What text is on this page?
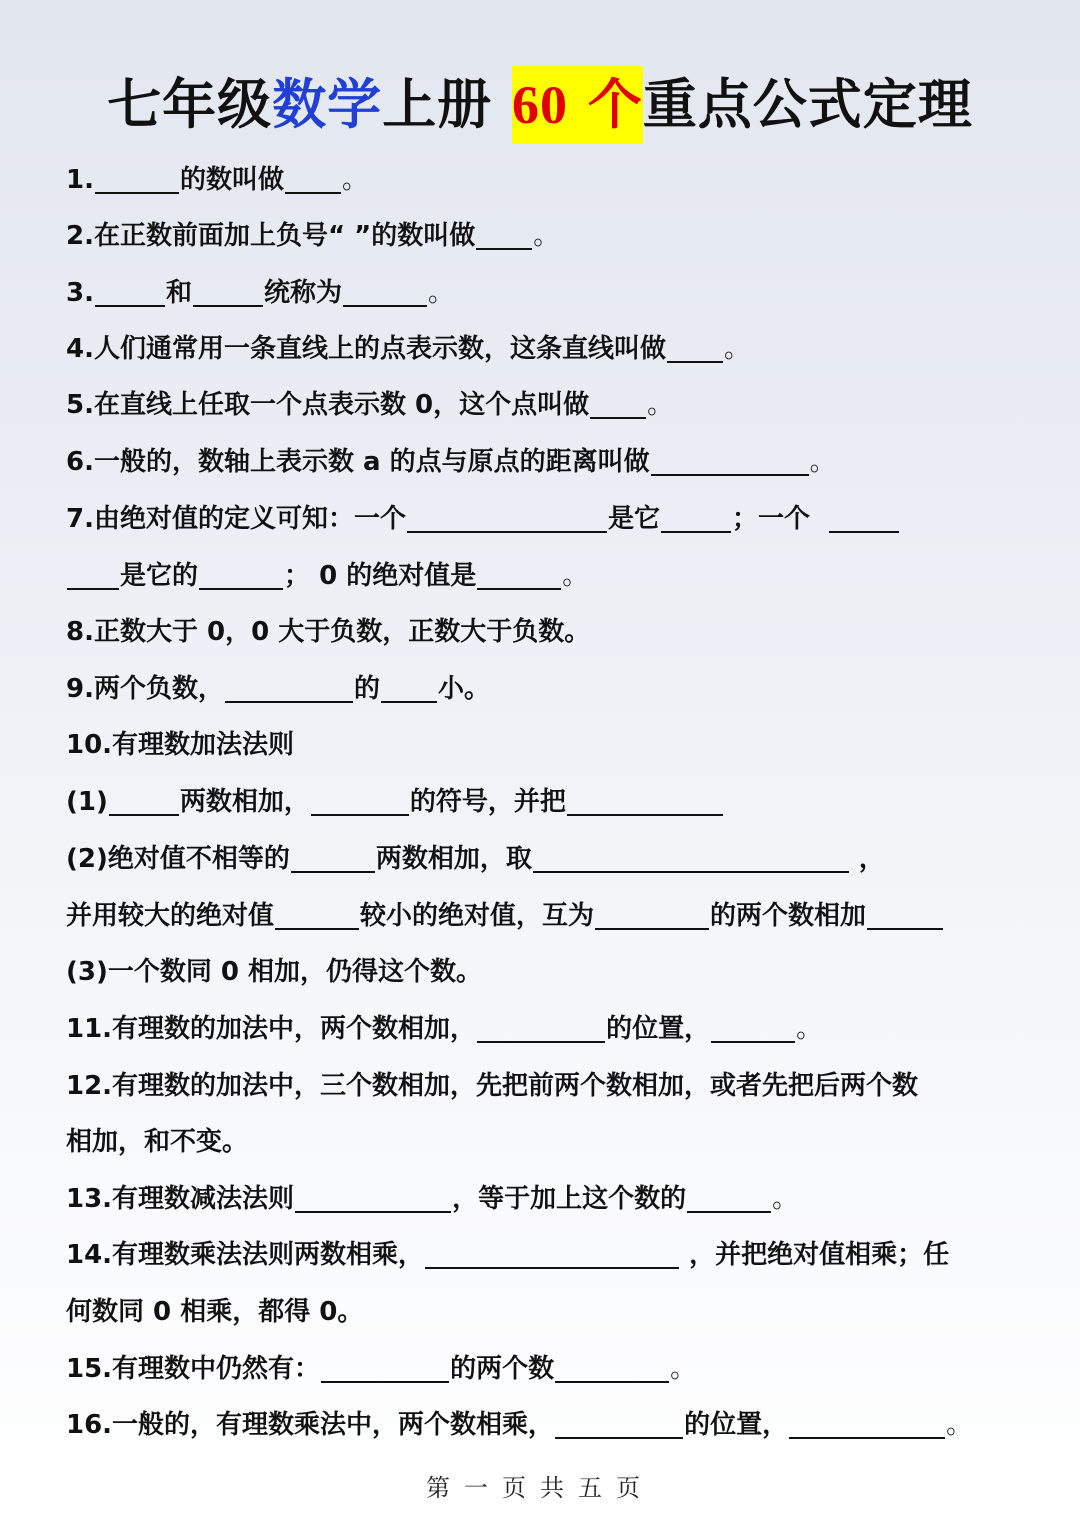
七年级数学上册 60 个重点公式定理
1.	的数叫做 。
2.在正数前面加上负号“ ”的数叫做 。
3.	和	统称为	。
4.人们通常用一条直线上的点表示数，这条直线叫做 。
5.在直线上任取一个点表示数 0，这个点叫做 。
6.一般的，数轴上表示数 a 的点与原点的距离叫做	。
7.由绝对值的定义可知：一个	是它	；一个
是它的	； 0 的绝对值是	。
8.正数大于 0，0 大于负数，正数大于负数。
9.两个负数，	的 小。
10.有理数加法法则
(1)	两数相加，	的符号，并把
(2)绝对值不相等的	两数相加，取	，
并用较大的绝对值	较小的绝对值，互为	的两个数相加
(3)一个数同 0 相加，仍得这个数。
11.有理数的加法中，两个数相加，	的位置，	。
12.有理数的加法中，三个数相加，先把前两个数相加，或者先把后两个数
相加，和不变。
13.有理数减法法则	，等于加上这个数的	。
14.有理数乘法法则两数相乘，	，并把绝对值相乘；任
何数同 0 相乘，都得 0。
15.有理数中仍然有：	的两个数	。
16.一般的，有理数乘法中，两个数相乘，	的位置，	。
第一页共五页
